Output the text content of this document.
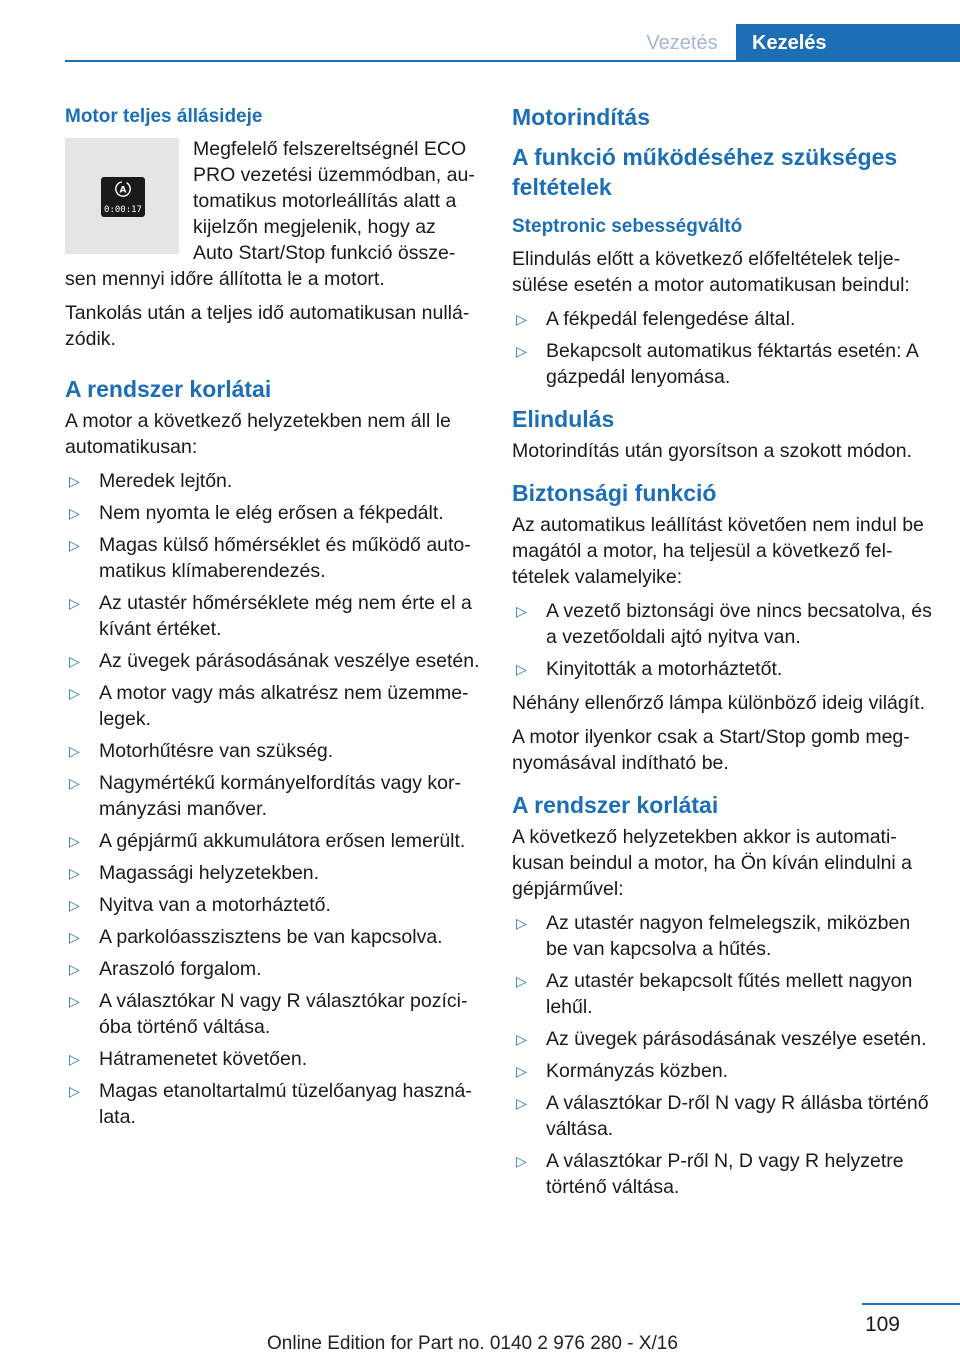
Vezetés	Kezelés
Motor teljes állásideje
A
0:00:17

Megfelelő felszereltségnél ECO PRO vezetési üzemmódban, automatikus motorleállítás alatt a kijelzőn megjelenik, hogy az Auto Start/Stop funkció összesen mennyi időre állította le a motort.

Tankolás után a teljes idő automatikusan nullázódik.

A rendszer korlátai

A motor a következő helyzetekben nem áll le automatikusan:

▷ Meredek lejtőn.
▷ Nem nyomta le elég erősen a fékpedált.
▷ Magas külső hőmérséklet és működő automatikus klímaberendezés.
▷ Az utastér hőmérséklete még nem érte el a kívánt értéket.
▷ Az üvegek párásodásának veszélye esetén.
▷ A motor vagy más alkatrész nem üzemmelegek.
▷ Motorhűtésre van szükség.
▷ Nagymértékű kormányelfordítás vagy kormányzási manőver.
▷ A gépjármű akkumulátora erősen lemerült.
▷ Magassági helyzetekben.
▷ Nyitva van a motorháztető.
▷ A parkolóasszisztens be van kapcsolva.
▷ Araszoló forgalom.
▷ A választókar N vagy R választókar pozícióba történő váltása.
▷ Hátramenetet követően.
▷ Magas etanoltartalmú tüzelőanyag használata.
Motorindítás
A funkció működéséhez szükséges feltételek
Steptronic sebességváltó

Elindulás előtt a következő előfeltételek teljesülése esetén a motor automatikusan beindul:

▷ A fékpedál felengedése által.
▷ Bekapcsolt automatikus féktartás esetén: A gázpedál lenyomása.
Elindulás

Motorindítás után gyorsítson a szokott módon.

Biztonsági funkció

Az automatikus leállítást követően nem indul be magától a motor, ha teljesül a következő feltételek valamelyike:

▷ A vezető biztonsági öve nincs becsatolva, és a vezetőoldali ajtó nyitva van.
▷ Kinyitották a motorháztetőt.

Néhány ellenőrző lámpa különböző ideig világít.

A motor ilyenkor csak a Start/Stop gomb megnyomásával indítható be.

A rendszer korlátai

A következő helyzetekben akkor is automatikusan beindul a motor, ha Ön kíván elindulni a gépjárművel:

▷ Az utastér nagyon felmelegszik, miközben be van kapcsolva a hűtés.
▷ Az utastér bekapcsolt fűtés mellett nagyon lehűl.
▷ Az üvegek párásodásának veszélye esetén.
▷ Kormányzás közben.
▷ A választókar D-ről N vagy R állásba történő váltása.
▷ A választókar P-ről N, D vagy R helyzetre történő váltása.
109
Online Edition for Part no. 0140 2 976 280 - X/16
